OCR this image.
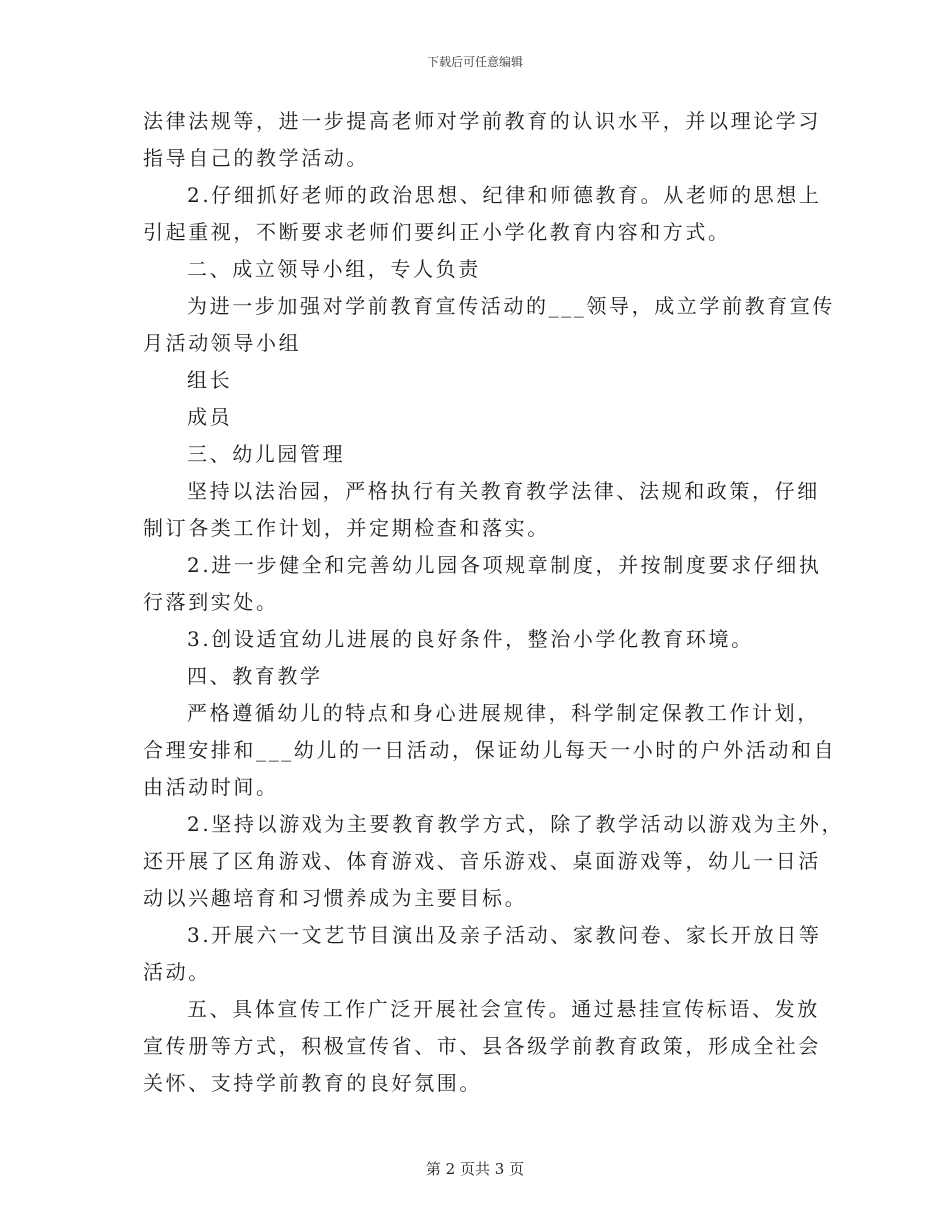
下载后可任意编辑

法律法规等，进一步提高老师对学前教育的认识水平，并以理论学习
指导自己的教学活动。

2.仔细抓好老师的政治思想、纪律和师德教育。从老师的思想上
引起重视，不断要求老师们要纠正小学化教育内容和方式。

二、成立领导小组，专人负责

为进一步加强对学前教育宣传活动的___领导，成立学前教育宣传
月活动领导小组

组长

成员

三、幼儿园管理

坚持以法治园，严格执行有关教育教学法律、法规和政策，仔细
制订各类工作计划，并定期检查和落实。

2.进一步健全和完善幼儿园各项规章制度，并按制度要求仔细执
行落到实处。

3.创设适宜幼儿进展的良好条件，整治小学化教育环境。

四、教育教学

严格遵循幼儿的特点和身心进展规律，科学制定保教工作计划，
合理安排和___幼儿的一日活动，保证幼儿每天一小时的户外活动和自
由活动时间。

2.坚持以游戏为主要教育教学方式，除了教学活动以游戏为主外，
还开展了区角游戏、体育游戏、音乐游戏、桌面游戏等，幼儿一日活
动以兴趣培育和习惯养成为主要目标。

3.开展六一文艺节目演出及亲子活动、家教问卷、家长开放日等
活动。

五、具体宣传工作广泛开展社会宣传。通过悬挂宣传标语、发放
宣传册等方式，积极宣传省、市、县各级学前教育政策，形成全社会
关怀、支持学前教育的良好氛围。

第 2 页共 3 页
